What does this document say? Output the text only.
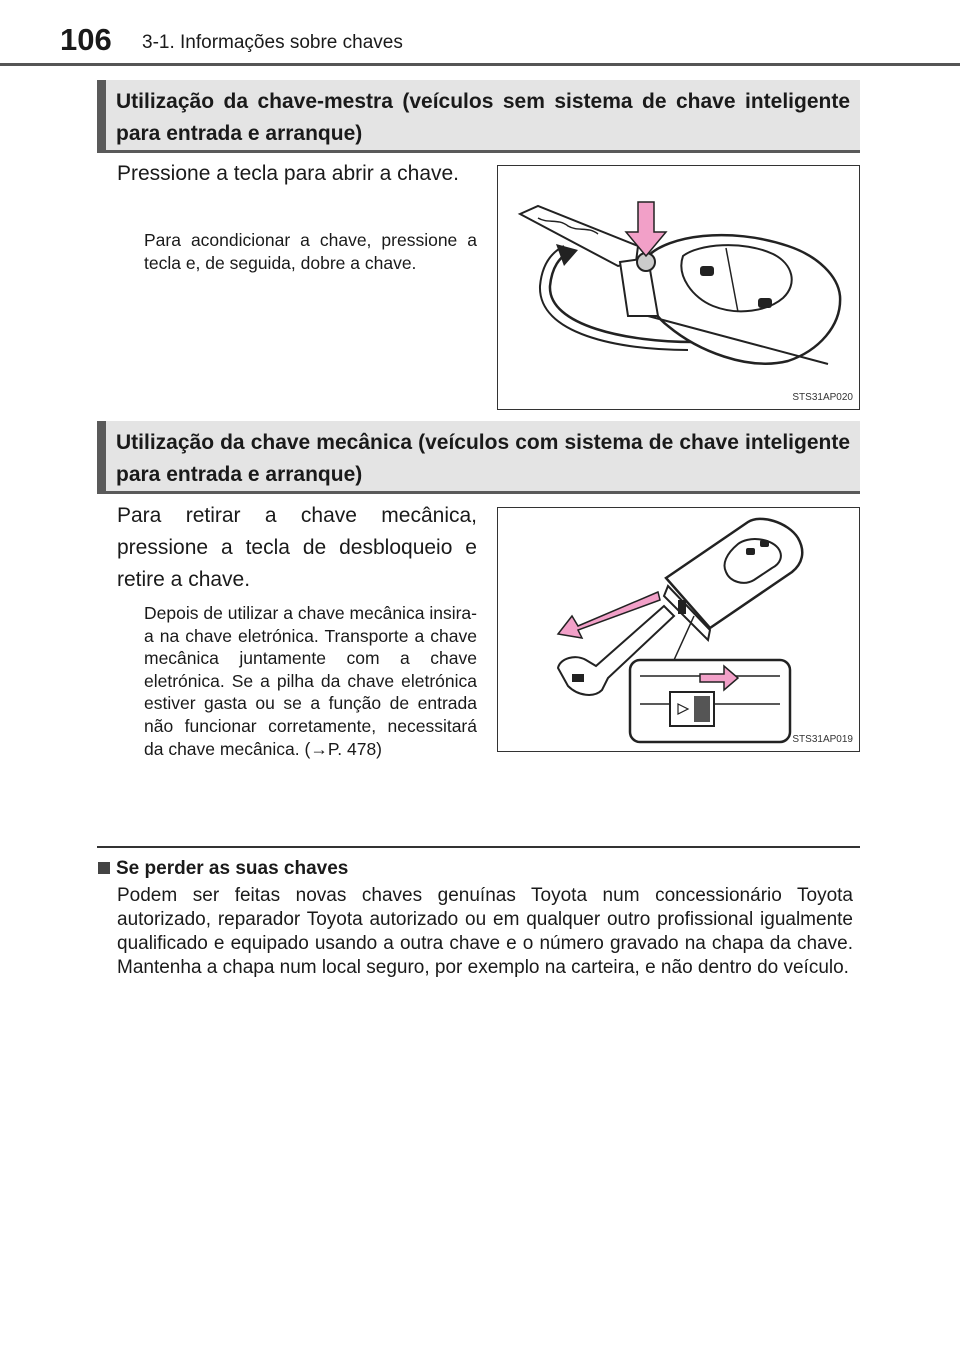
106 3-1. Informações sobre chaves
Utilização da chave-mestra (veículos sem sistema de chave inteligente para entrada e arranque)
Pressione a tecla para abrir a chave.
Para acondicionar a chave, pressione a tecla e, de seguida, dobre a chave.
STS31AP020
Utilização da chave mecânica (veículos com sistema de chave inteligente para entrada e arranque)
Para retirar a chave mecânica, pressione a tecla de desbloqueio e retire a chave.
Depois de utilizar a chave mecânica insira-a na chave eletrónica. Transporte a chave mecânica juntamente com a chave eletrónica. Se a pilha da chave eletrónica estiver gasta ou se a função de entrada não funcionar corretamente, necessitará da chave mecânica. (→P. 478)	STS31AP019
Se perder as suas chaves
Podem ser feitas novas chaves genuínas Toyota num concessionário Toyota autorizado, reparador Toyota autorizado ou em qualquer outro profissional igualmente qualificado e equipado usando a outra chave e o número gravado na chapa da chave. Mantenha a chapa num local seguro, por exemplo na carteira, e não dentro do veículo.
